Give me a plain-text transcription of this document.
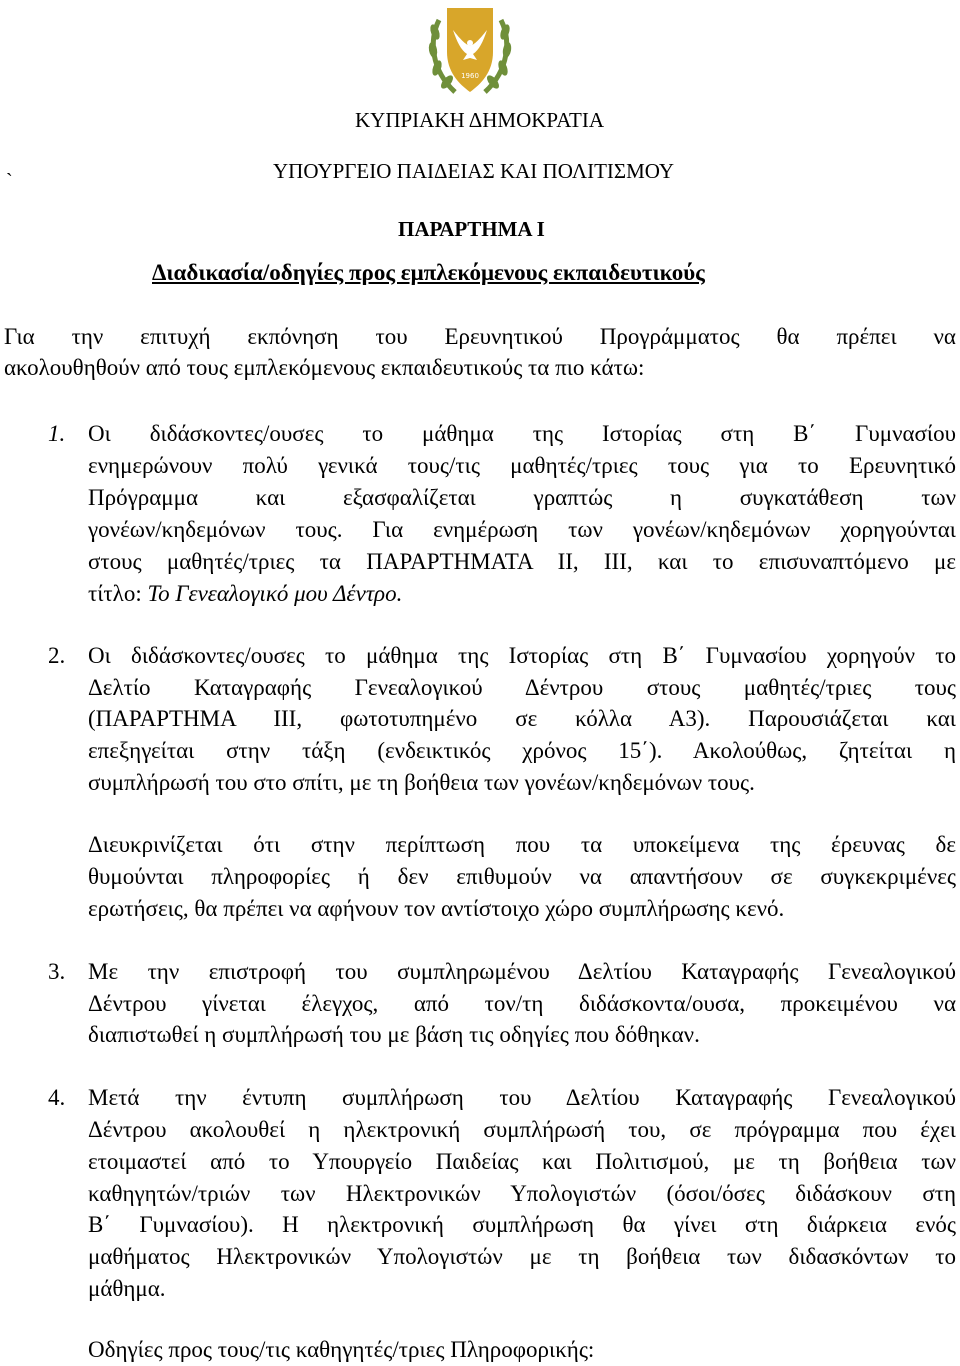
1960
ΚΥΠΡΙΑΚΗ ΔΗΜΟΚΡΑΤΙΑ
`	ΥΠΟΥΡΓΕΙΟ ΠΑΙΔΕΙΑΣ ΚΑΙ ΠΟΛΙΤΙΣΜΟΥ
ΠΑΡΑΡΤΗΜΑ Ι
Διαδικασία/οδηγίες προς εμπλεκόμενους εκπαιδευτικούς
Για την επιτυχή εκπόνηση του Ερευνητικού Προγράμματος θα πρέπει να
ακολουθηθούν από τους εμπλεκόμενους εκπαιδευτικούς τα πιο κάτω:
1. Οι διδάσκοντες/ουσες το μάθημα της Ιστορίας στη Β΄ Γυμνασίου
ενημερώνουν πολύ γενικά τους/τις μαθητές/τριες τους για το Ερευνητικό
Πρόγραμμα και εξασφαλίζεται γραπτώς η συγκατάθεση των
γονέων/κηδεμόνων τους. Για ενημέρωση των γονέων/κηδεμόνων χορηγούνται
στους μαθητές/τριες τα ΠΑΡΑΡΤΗΜΑΤΑ ΙΙ, ΙΙΙ, και το επισυναπτόμενο με
τίτλο: Το Γενεαλογικό μου Δέντρο.
2. Οι διδάσκοντες/ουσες το μάθημα της Ιστορίας στη Β΄ Γυμνασίου χορηγούν το
Δελτίο Καταγραφής Γενεαλογικού Δέντρου στους μαθητές/τριες τους
(ΠΑΡΑΡΤΗΜΑ ΙΙΙ, φωτοτυπημένο σε κόλλα Α3). Παρουσιάζεται και
επεξηγείται στην τάξη (ενδεικτικός χρόνος 15΄). Ακολούθως, ζητείται η
συμπλήρωσή του στο σπίτι, με τη βοήθεια των γονέων/κηδεμόνων τους.
Διευκρινίζεται ότι στην περίπτωση που τα υποκείμενα της έρευνας δε
θυμούνται πληροφορίες ή δεν επιθυμούν να απαντήσουν σε συγκεκριμένες
ερωτήσεις, θα πρέπει να αφήνουν τον αντίστοιχο χώρο συμπλήρωσης κενό.
3. Με την επιστροφή του συμπληρωμένου Δελτίου Καταγραφής Γενεαλογικού
Δέντρου γίνεται έλεγχος, από τον/τη διδάσκοντα/ουσα, προκειμένου να
διαπιστωθεί η συμπλήρωσή του με βάση τις οδηγίες που δόθηκαν.
4. Μετά την έντυπη συμπλήρωση του Δελτίου Καταγραφής Γενεαλογικού
Δέντρου ακολουθεί η ηλεκτρονική συμπλήρωσή του, σε πρόγραμμα που έχει
ετοιμαστεί από το Υπουργείο Παιδείας και Πολιτισμού, με τη βοήθεια των
καθηγητών/τριών των Ηλεκτρονικών Υπολογιστών (όσοι/όσες διδάσκουν στη
Β΄ Γυμνασίου). Η ηλεκτρονική συμπλήρωση θα γίνει στη διάρκεια ενός
μαθήματος Ηλεκτρονικών Υπολογιστών με τη βοήθεια των διδασκόντων το
μάθημα.
Οδηγίες προς τους/τις καθηγητές/τριες Πληροφορικής:
